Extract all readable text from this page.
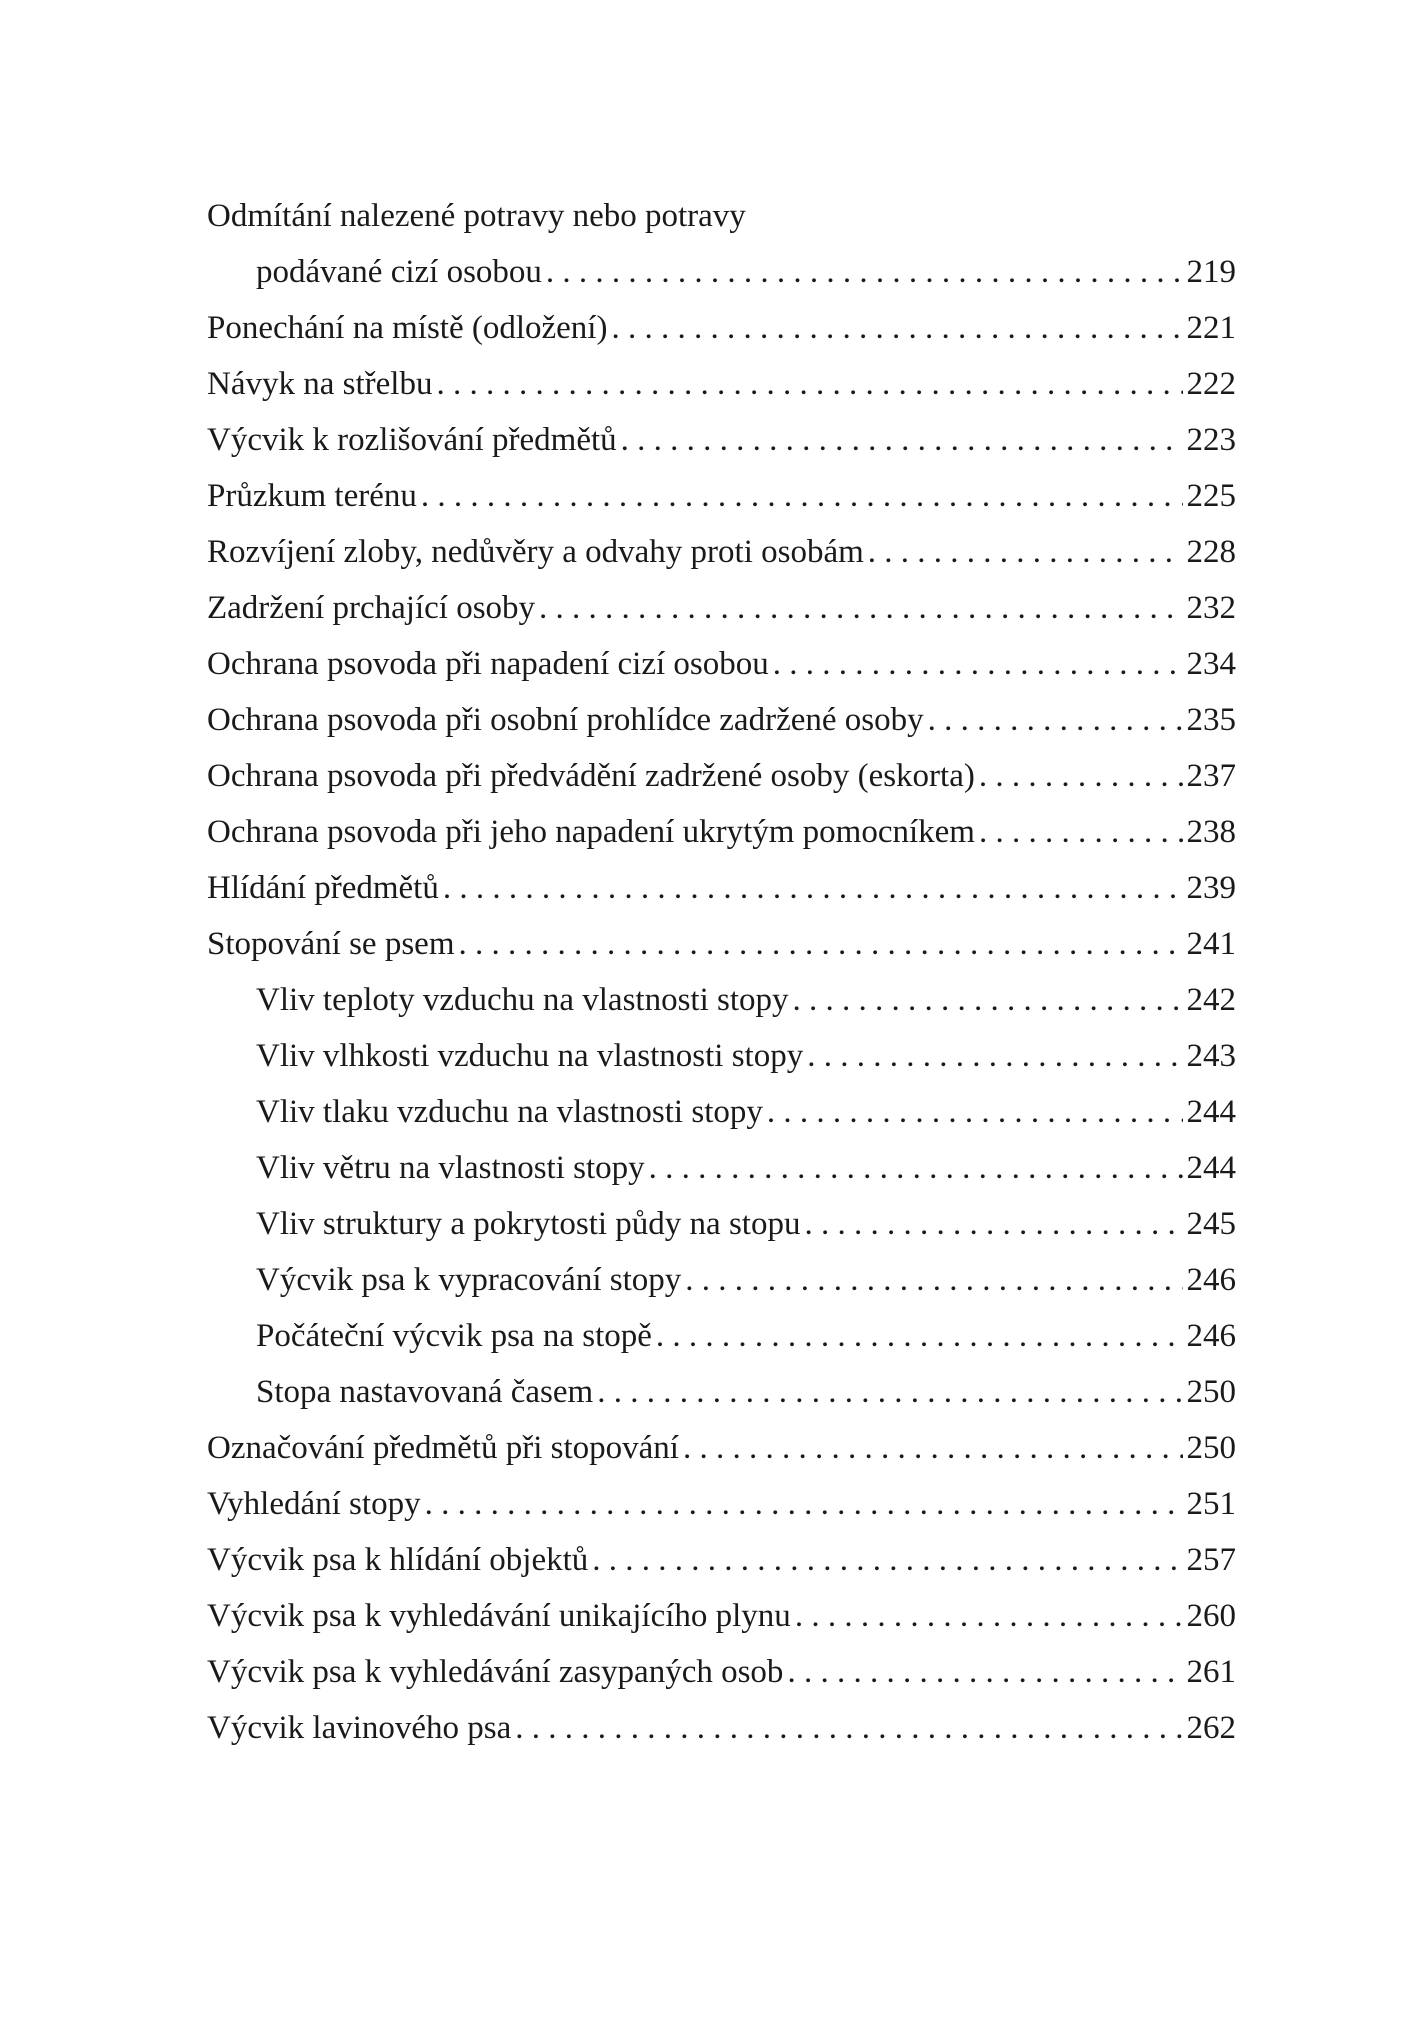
Odmítání nalezené potravy nebo potravy
podávané cizí osobou . . .	219
Ponechání na místě (odložení) . . .	221
Návyk na střelbu . . .	222
Výcvik k rozlišování předmětů . . .	223
Průzkum terénu . . .	225
Rozvíjení zloby, nedůvěry a odvahy proti osobám . . .	228
Zadržení prchající osoby . . .	232
Ochrana psovoda při napadení cizí osobou . . .	234
Ochrana psovoda při osobní prohlídce zadržené osoby . . .	235
Ochrana psovoda při předvádění zadržené osoby (eskorta) . . .	237
Ochrana psovoda při jeho napadení ukrytým pomocníkem . . .	238
Hlídání předmětů . . .	239
Stopování se psem . . .	241
Vliv teploty vzduchu na vlastnosti stopy . . .	242
Vliv vlhkosti vzduchu na vlastnosti stopy . . .	243
Vliv tlaku vzduchu na vlastnosti stopy . . .	244
Vliv větru na vlastnosti stopy . . .	244
Vliv struktury a pokrytosti půdy na stopu . . .	245
Výcvik psa k vypracování stopy . . .	246
Počáteční výcvik psa na stopě . . .	246
Stopa nastavovaná časem . . .	250
Označování předmětů při stopování . . .	250
Vyhledání stopy . . .	251
Výcvik psa k hlídání objektů . . .	257
Výcvik psa k vyhledávání unikajícího plynu . . .	260
Výcvik psa k vyhledávání zasypaných osob . . .	261
Výcvik lavinového psa . . .	262
